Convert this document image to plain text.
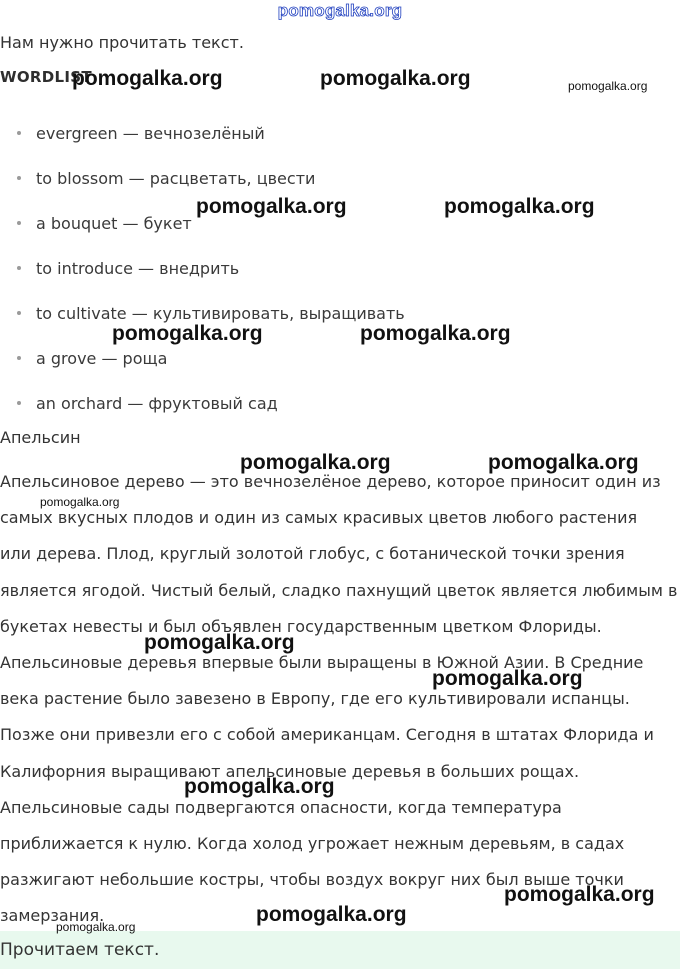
pomogalka.org
Нам нужно прочитать текст.
WORDLIST
evergreen — вечнозелёный
to blossom — расцветать, цвести
a bouquet — букет
to introduce — внедрить
to cultivate — культивировать, выращивать
a grove — роща
an orchard — фруктовый сад
Апельсин
Апельсиновое дерево — это вечнозелёное дерево, которое приносит один из
самых вкусных плодов и один из самых красивых цветов любого растения
или дерева. Плод, круглый золотой глобус, с ботанической точки зрения
является ягодой. Чистый белый, сладко пахнущий цветок является любимым в
букетах невесты и был объявлен государственным цветком Флориды.
Апельсиновые деревья впервые были выращены в Южной Азии. В Средние
века растение было завезено в Европу, где его культивировали испанцы.
Позже они привезли его с собой американцам. Сегодня в штатах Флорида и
Калифорния выращивают апельсиновые деревья в больших рощах.
Апельсиновые сады подвергаются опасности, когда температура
приближается к нулю. Когда холод угрожает нежным деревьям, в садах
разжигают небольшие костры, чтобы воздух вокруг них был выше точки
замерзания.
Прочитаем текст.
pomogalka.org	pomogalka.org	pomogalka.org
pomogalka.org	pomogalka.org
pomogalka.org	pomogalka.org
pomogalka.org	pomogalka.org
pomogalka.org
pomogalka.org
pomogalka.org
pomogalka.org
pomogalka.org
pomogalka.org
pomogalka.org
